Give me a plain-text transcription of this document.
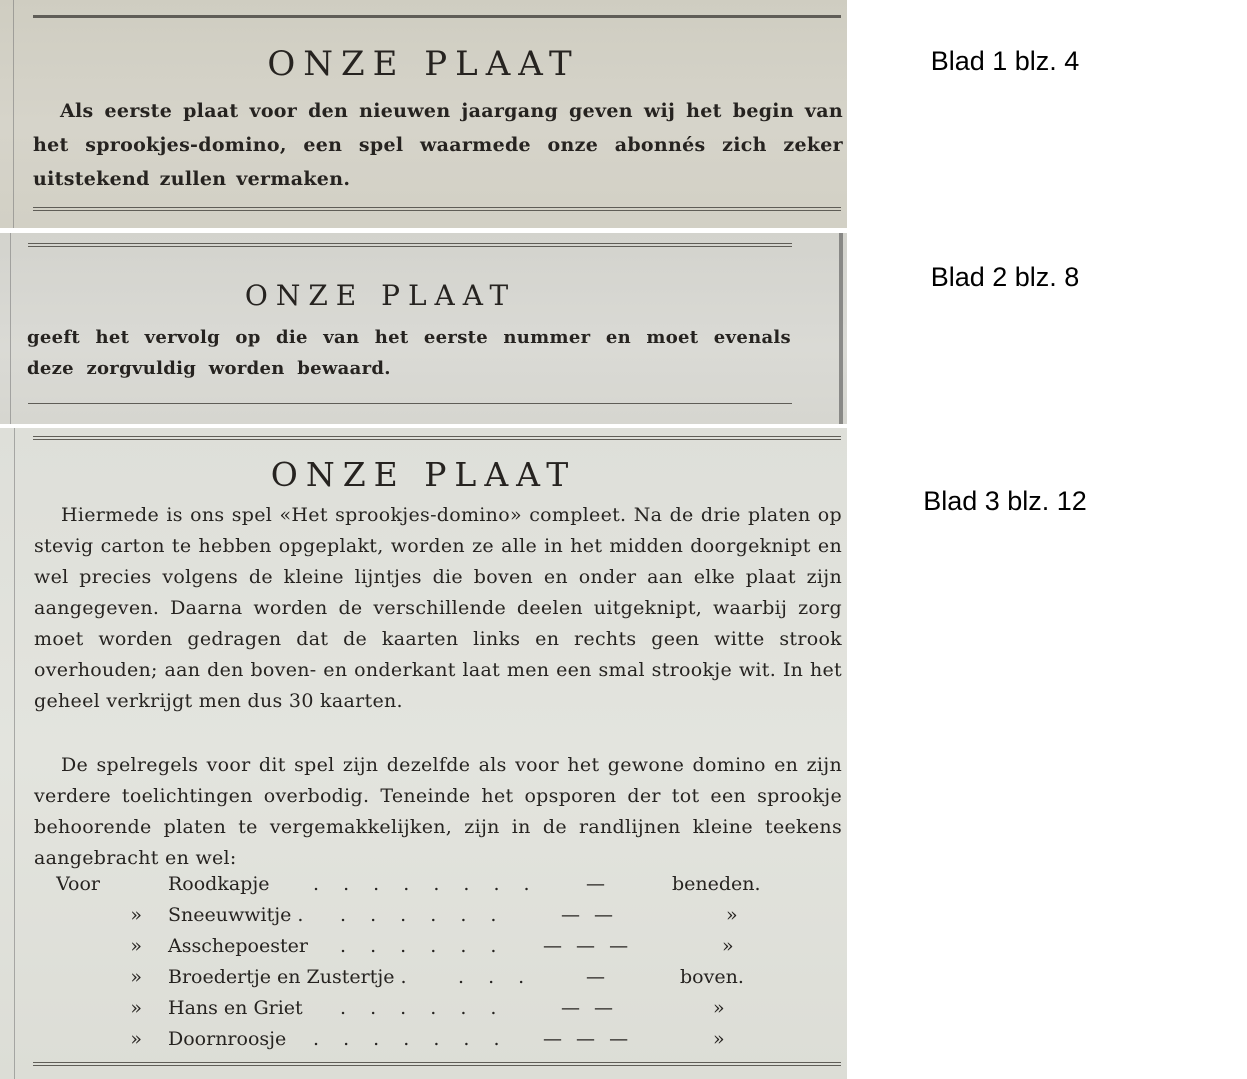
ONZE PLAAT

Als eerste plaat voor den nieuwen jaargang geven wij het begin van het sprookjes-domino, een spel waarmede onze abonnés zich zeker uitstekend zullen vermaken.

ONZE PLAAT

geeft het vervolg op die van het eerste nummer en moet evenals deze zorgvuldig worden bewaard.

ONZE PLAAT

Hiermede is ons spel «Het sprookjes-domino» compleet. Na de drie platen op stevig carton te hebben opgeplakt, worden ze alle in het midden doorgeknipt en wel precies volgens de kleine lijntjes die boven en onder aan elke plaat zijn aangegeven. Daarna worden de verschillende deelen uitgeknipt, waarbij zorg moet worden gedragen dat de kaarten links en rechts geen witte strook overhouden; aan den boven- en onderkant laat men een smal strookje wit. In het geheel verkrijgt men dus 30 kaarten.

De spelregels voor dit spel zijn dezelfde als voor het gewone domino en zijn verdere toelichtingen overbodig. Teneinde het opsporen der tot een sprookje behoorende platen te vergemakkelijken, zijn in de randlijnen kleine teekens aangebracht en wel:

Voor	Roodkapje . . . . . . . . —	beneden.
» Sneeuwwitje . . . . . . .	— —	»
» Asschepoester . . . . . . — — —	»
» Broedertje en Zustertje .	. . .	—	boven.
» Hans en Griet . . . . . .	— —	»
» Doornroosje . . . . . . . — — —	»
Blad 1 blz. 4
Blad 2 blz. 8
Blad 3 blz. 12
